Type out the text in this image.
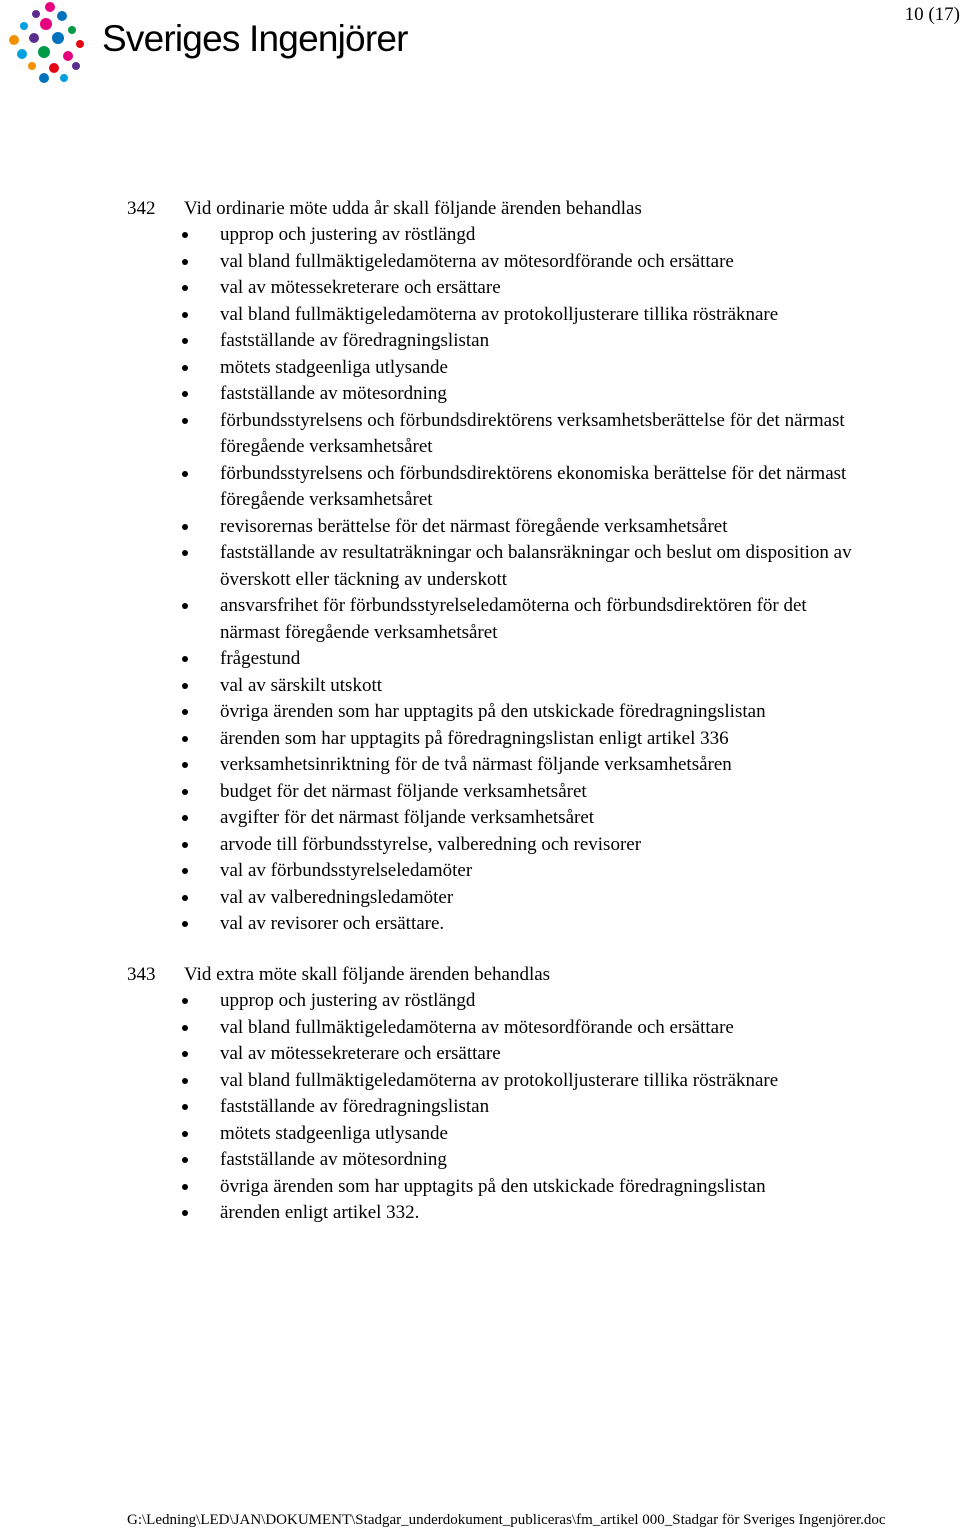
Sveriges Ingenjörer
10 (17)
342 Vid ordinarie möte udda år skall följande ärenden behandlas
upprop och justering av röstlängd
val bland fullmäktigeledamöterna av mötesordförande och ersättare
val av mötessekreterare och ersättare
val bland fullmäktigeledamöterna av protokolljusterare tillika rösträknare
fastställande av föredragningslistan
mötets stadgeenliga utlysande
fastställande av mötesordning
förbundsstyrelsens och förbundsdirektörens verksamhetsberättelse för det närmast
föregående verksamhetsåret
förbundsstyrelsens och förbundsdirektörens ekonomiska berättelse för det närmast
föregående verksamhetsåret
revisorernas berättelse för det närmast föregående verksamhetsåret
fastställande av resultaträkningar och balansräkningar och beslut om disposition av
överskott eller täckning av underskott
ansvarsfrihet för förbundsstyrelseledamöterna och förbundsdirektören för det
närmast föregående verksamhetsåret
frågestund
val av särskilt utskott
övriga ärenden som har upptagits på den utskickade föredragningslistan
ärenden som har upptagits på föredragningslistan enligt artikel 336
verksamhetsinriktning för de två närmast följande verksamhetsåren
budget för det närmast följande verksamhetsåret
avgifter för det närmast följande verksamhetsåret
arvode till förbundsstyrelse, valberedning och revisorer
val av förbundsstyrelseledamöter
val av valberedningsledamöter
val av revisorer och ersättare.
343 Vid extra möte skall följande ärenden behandlas
upprop och justering av röstlängd
val bland fullmäktigeledamöterna av mötesordförande och ersättare
val av mötessekreterare och ersättare
val bland fullmäktigeledamöterna av protokolljusterare tillika rösträknare
fastställande av föredragningslistan
mötets stadgeenliga utlysande
fastställande av mötesordning
övriga ärenden som har upptagits på den utskickade föredragningslistan
ärenden enligt artikel 332.
G:\Ledning\LED\JAN\DOKUMENT\Stadgar_underdokument_publiceras\fm_artikel 000_Stadgar för Sveriges Ingenjörer.doc
